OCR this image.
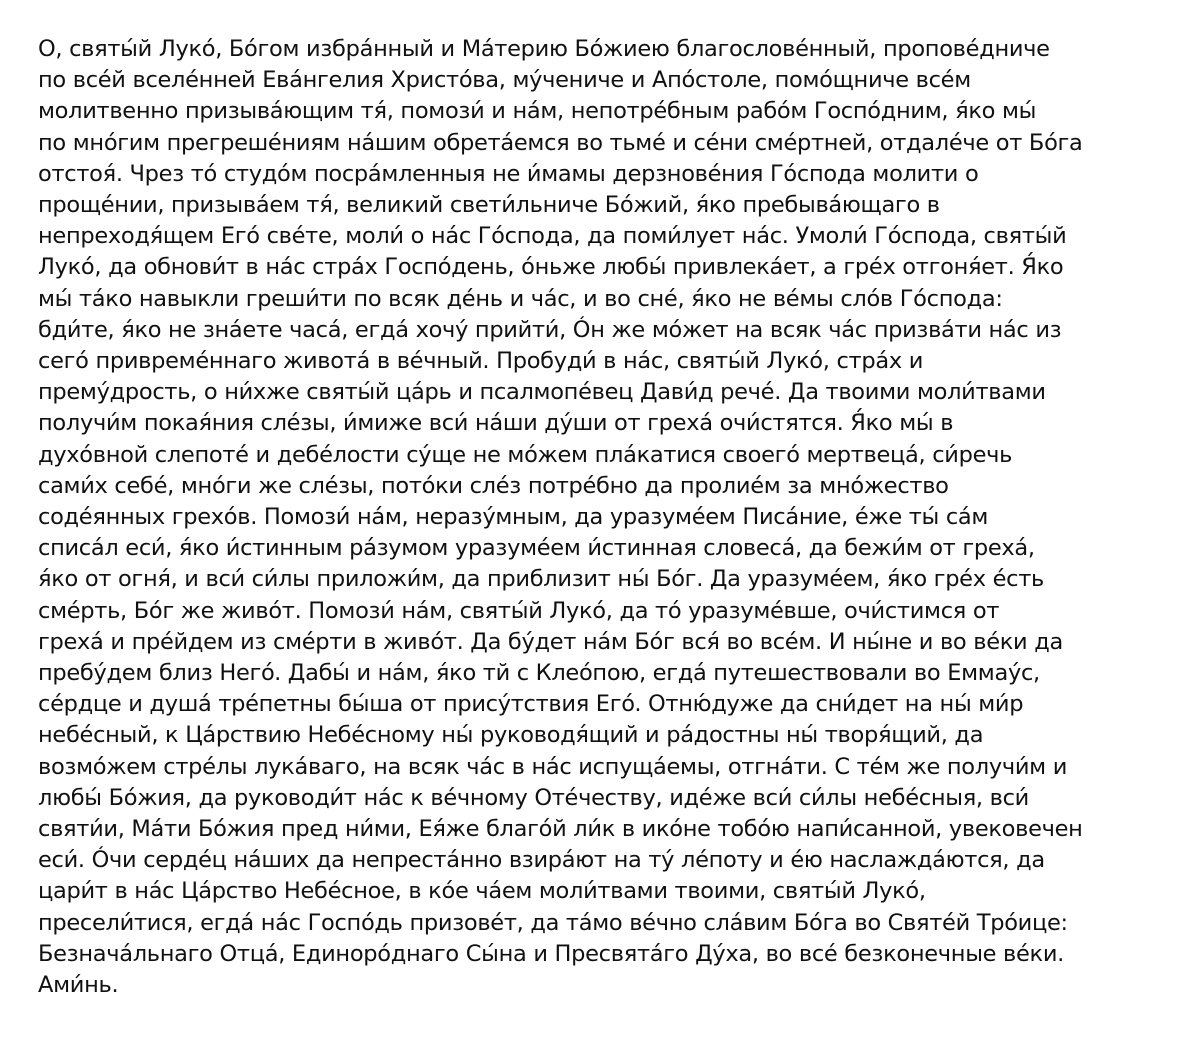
О, святы́й Лукó, Бóгом избрáнный и Мáтерию Бóжиею благословéнный, проповéдниче
по всéй вселéнней Евáнгелия Христóва, мýчениче и Апóстоле, помóщниче всéм
молитвенно призывáющим тя́, помози́ и нáм, непотрéбным рабóм Госпóдним, я́ко мы́
по мнóгим прегрешéниям нáшим обретáемся во тьмé и сéни смéртней, отдалéче от Бóга
отстоя́. Чрез тó студóм посрáмленныя не и́мамы дерзновéния Гóспода молити о
прощéнии, призывáем тя́, великий свети́льниче Бóжий, я́ко пребывáющаго в
непреходя́щем Егó свéте, моли́ о нáс Гóспода, да поми́лует нáс. Умоли́ Гóспода, святы́й
Лукó, да обнови́т в нáс стрáх Госпóдень, óньже любы́ привлекáет, а грéх отгоня́ет. Я́ко
мы́ тáко навыкли греши́ти по всяк дéнь и чáс, и во сне́, я́ко не вéмы слóв Гóспода:
бди́те, я́ко не знáете часá, егдá хочý прийти́, Óн же мóжет на всяк чáс призвáти нáс из
сегó привремéннаго животá в вéчный. Пробуди́ в нáс, святы́й Лукó, стрáх и
премýдрость, о ни́хже святы́й цáрь и псалмопéвец Дави́д речé. Да твоими моли́твами
получи́м покая́ния слéзы, и́миже вси́ нáши дýши от грехá очи́стятся. Я́ко мы́ в
духóвной слепотé и дебéлости сýще не мóжем плáкатися своегó мертвецá, си́речь
сами́х себé, мнóги же слéзы, потóки слéз потрéбно да пролиéм за мнóжество
содéянных грехóв. Помози́ нáм, неразýмным, да уразумéем Писáние, éже ты́ сáм
списáл еси́, я́ко и́стинным рáзумом уразумéем и́стинная словесá, да бежи́м от грехá,
я́ко от огня́, и вси́ си́лы приложи́м, да приблизит ны́ Бóг. Да уразумéем, я́ко грéх éсть
смéрть, Бóг же живóт. Помози́ нáм, святы́й Лукó, да тó уразумéвше, очи́стимся от
грехá и прéйдем из смéрти в живóт. Да бýдет нáм Бóг вся́ во всéм. И ны́не и во вéки да
пребýдем близ Негó. Дабы́ и нáм, я́ко тй с Клеóпою, егдá путешествовали во Еммаýс,
сéрдце и душá трéпетны бы́ша от присýтствия Егó. Отню́дуже да сни́дет на ны́ ми́р
небéсный, к Цáрствию Небéсному ны́ руководя́щий и рáдостны ны́ творя́щий, да
возмóжем стрéлы лукáваго, на всяк чáс в нáс испущáемы, отгнáти. С тéм же получи́м и
любы́ Бóжия, да руководи́т нáс к вéчному Отéчеству, идéже вси́ си́лы небéсныя, вси́
святи́и, Мáти Бóжия пред ни́ми, Ея́же благóй ли́к в икóне тобóю напи́санной, увековечен
еси́. Óчи сердéц нáших да непрестáнно взирáют на тý лéпоту и éю наслаждáются, да
цари́т в нáс Цáрство Небéсное, в кóе чáем моли́твами твоими, святы́й Лукó,
пресели́тися, егдá нáс Госпóдь призовéт, да тáмо вéчно слáвим Бóга во Святéй Трóице:
Безначáльнаго Отцá, Единорóднаго Сы́на и Пресвятáго Дýха, во всé безконечные вéки.
Ами́нь.
